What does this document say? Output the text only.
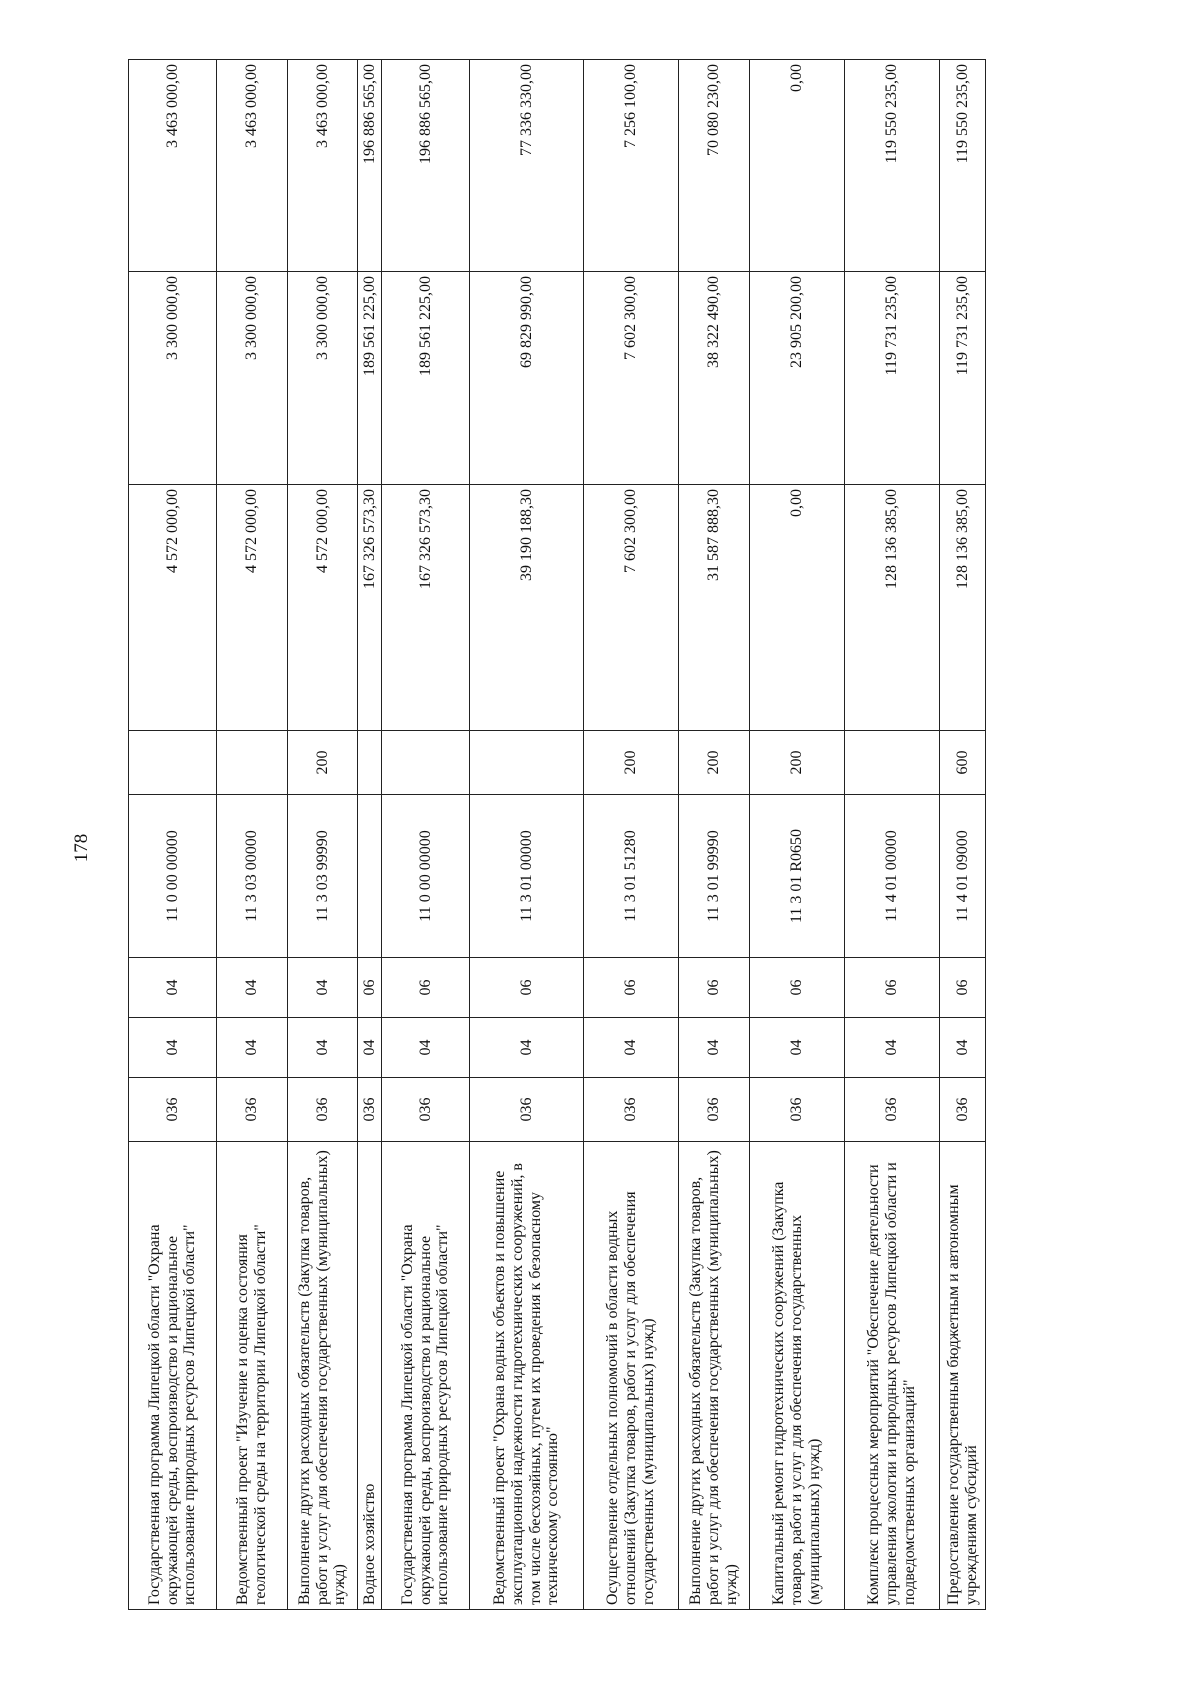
178
Государственная программа Липецкой области "Охрана окружающей среды, воспроизводство и рациональное использование природных ресурсов Липецкой области"	036	04	04	11 0 00 00000		4 572 000,00	3 300 000,00	3 463 000,00
Ведомственный проект "Изучение и оценка состояния геологической среды на территории Липецкой области"	036	04	04	11 3 03 00000		4 572 000,00	3 300 000,00	3 463 000,00
Выполнение других расходных обязательств (Закупка товаров, работ и услуг для обеспечения государственных (муниципальных) нужд)	036	04	04	11 3 03 99990	200	4 572 000,00	3 300 000,00	3 463 000,00
Водное хозяйство	036	04	06			167 326 573,30	189 561 225,00	196 886 565,00
Государственная программа Липецкой области "Охрана окружающей среды, воспроизводство и рациональное использование природных ресурсов Липецкой области"	036	04	06	11 0 00 00000		167 326 573,30	189 561 225,00	196 886 565,00
Ведомственный проект "Охрана водных объектов и повышение эксплуатационной надежности гидротехнических сооружений, в том числе бесхозяйных, путем их проведения к безопасному техническому состоянию"	036	04	06	11 3 01 00000		39 190 188,30	69 829 990,00	77 336 330,00
Осуществление отдельных полномочий в области водных отношений (Закупка товаров, работ и услуг для обеспечения государственных (муниципальных) нужд)	036	04	06	11 3 01 51280	200	7 602 300,00	7 602 300,00	7 256 100,00
Выполнение других расходных обязательств (Закупка товаров, работ и услуг для обеспечения государственных (муниципальных) нужд)	036	04	06	11 3 01 99990	200	31 587 888,30	38 322 490,00	70 080 230,00
Капитальный ремонт гидротехнических сооружений (Закупка товаров, работ и услуг для обеспечения государственных (муниципальных) нужд)	036	04	06	11 3 01 R0650	200	0,00	23 905 200,00	0,00
Комплекс процессных мероприятий "Обеспечение деятельности управления экологии и природных ресурсов Липецкой области и подведомственных организаций"	036	04	06	11 4 01 00000		128 136 385,00	119 731 235,00	119 550 235,00
Предоставление государственным бюджетным и автономным учреждениям субсидий	036	04	06	11 4 01 09000	600	128 136 385,00	119 731 235,00	119 550 235,00
